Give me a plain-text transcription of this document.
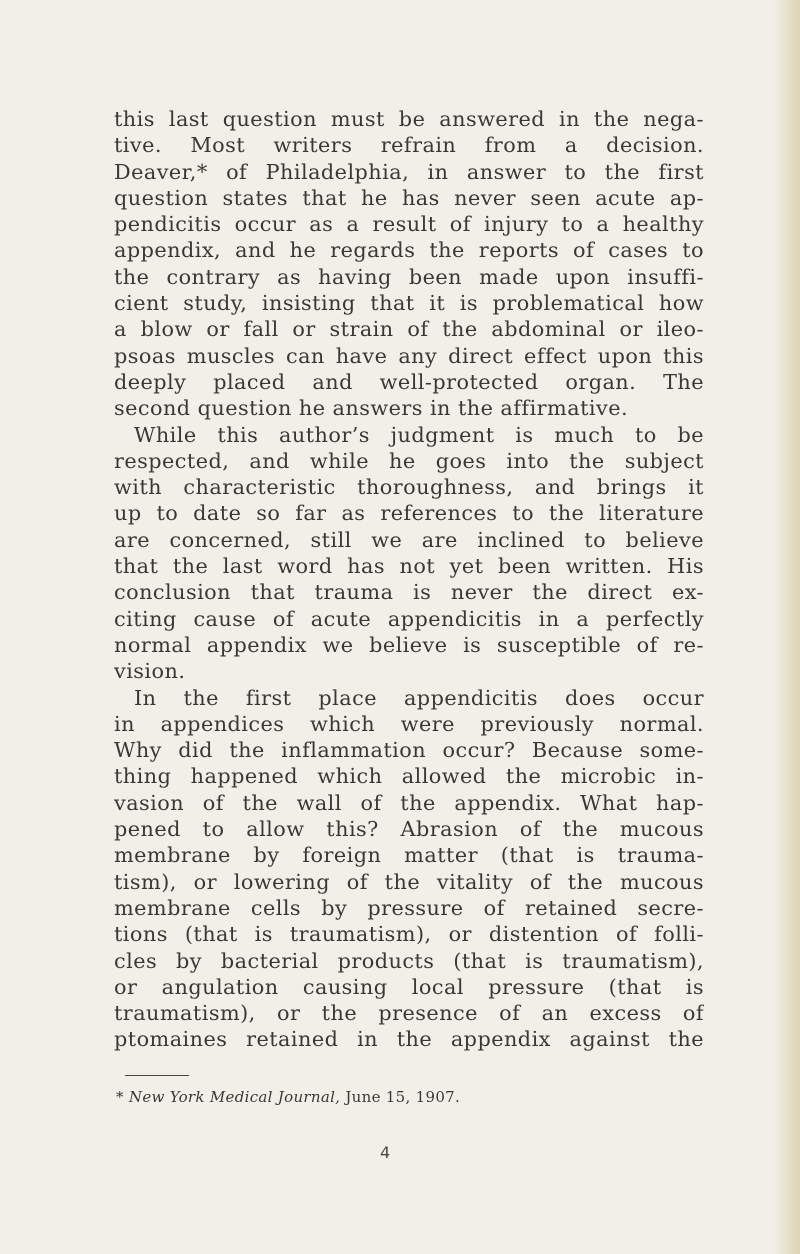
this last question must be answered in the nega-
tive. Most writers refrain from a decision.
Deaver,* of Philadelphia, in answer to the first
question states that he has never seen acute ap-
pendicitis occur as a result of injury to a healthy
appendix, and he regards the reports of cases to
the contrary as having been made upon insuffi-
cient study, insisting that it is problematical how
a blow or fall or strain of the abdominal or ileo-
psoas muscles can have any direct effect upon this
deeply placed and well-protected organ. The
second question he answers in the affirmative.
While this author’s judgment is much to be
respected, and while he goes into the subject
with characteristic thoroughness, and brings it
up to date so far as references to the literature
are concerned, still we are inclined to believe
that the last word has not yet been written. His
conclusion that trauma is never the direct ex-
citing cause of acute appendicitis in a perfectly
normal appendix we believe is susceptible of re-
vision.
In the first place appendicitis does occur
in appendices which were previously normal.
Why did the inflammation occur? Because some-
thing happened which allowed the microbic in-
vasion of the wall of the appendix. What hap-
pened to allow this? Abrasion of the mucous
membrane by foreign matter (that is trauma-
tism), or lowering of the vitality of the mucous
membrane cells by pressure of retained secre-
tions (that is traumatism), or distention of folli-
cles by bacterial products (that is traumatism),
or angulation causing local pressure (that is
traumatism), or the presence of an excess of
ptomaines retained in the appendix against the
* New York Medical Journal, June 15, 1907.
4
